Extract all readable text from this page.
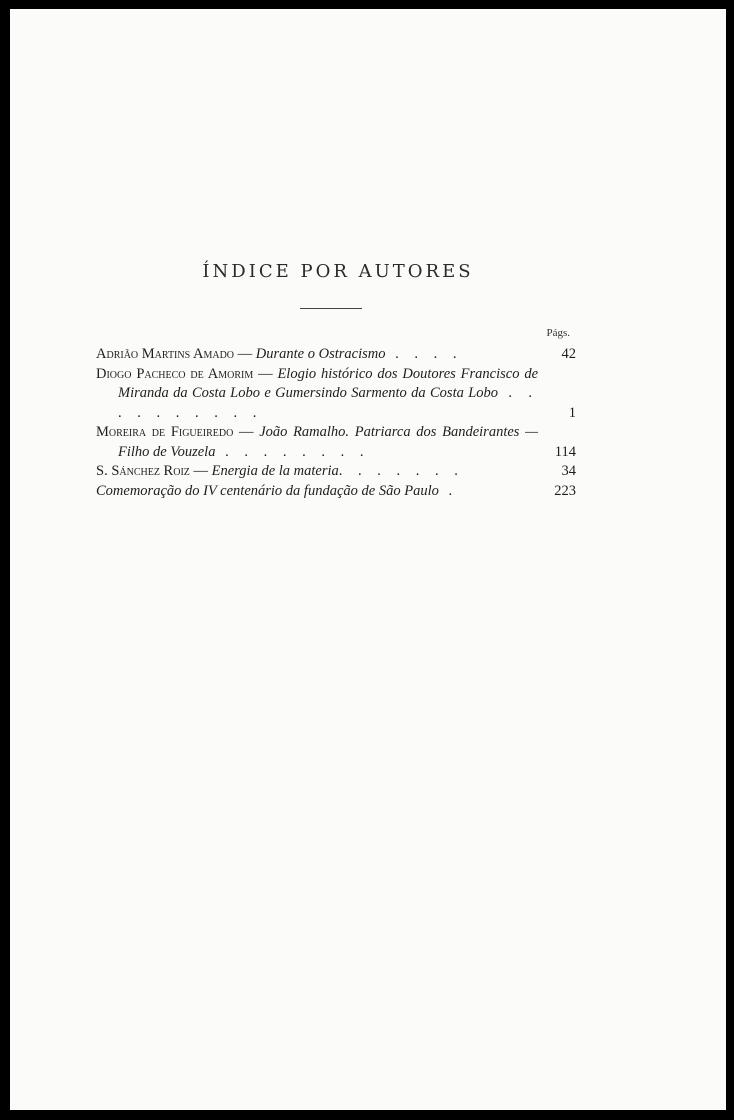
ÍNDICE POR AUTORES
Págs.
Adrião Martins Amado — Durante o Ostracismo . . . .	42
Diogo Pacheco de Amorim — Elogio histórico dos Doutores Francisco de Miranda da Costa Lobo e Gumersindo Sarmento da Costa Lobo . . . . . . . . . .	1
Moreira de Figueiredo — João Ramalho. Patriarca dos Bandeirantes — Filho de Vouzela . . . . . . . .	114
S. Sánchez Roiz — Energia de la materia. . . . . . .	34
Comemoração do IV centenário da fundação de São Paulo .	223
